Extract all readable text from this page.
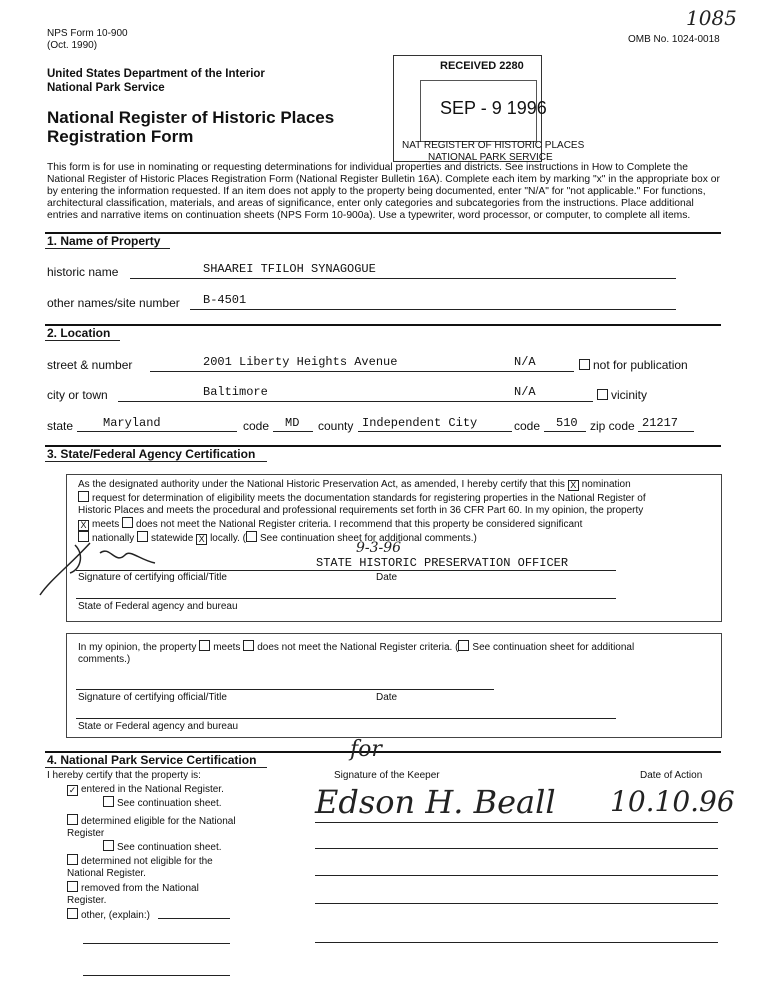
NPS Form 10-900
(Oct. 1990)
OMB No. 1024-0018
1085
United States Department of the Interior
National Park Service
National Register of Historic Places
Registration Form
RECEIVED 2280
SEP - 9 1996
NAT REGISTER OF HISTORIC PLACES
NATIONAL PARK SERVICE
This form is for use in nominating or requesting determinations for individual properties and districts. See instructions in How to Complete the
National Register of Historic Places Registration Form (National Register Bulletin 16A). Complete each item by marking "x" in the appropriate box or
by entering the information requested. If an item does not apply to the property being documented, enter "N/A" for "not applicable." For functions,
architectural classification, materials, and areas of significance, enter only categories and subcategories from the instructions. Place additional
entries and narrative items on continuation sheets (NPS Form 10-900a). Use a typewriter, word processor, or computer, to complete all items.
1. Name of Property
historic name	SHAAREI TFILOH SYNAGOGUE
other names/site number B-4501
2. Location
street & number	2001 Liberty Heights Avenue	N/A	not for publication
city or town	Baltimore	N/A	vicinity
state Maryland	code MD county Independent City	code 510 zip code 21217
3. State/Federal Agency Certification
As the designated authority under the National Historic Preservation Act, as amended, I hereby certify that this X nomination
request for determination of eligibility meets the documentation standards for registering properties in the National Register of
Historic Places and meets the procedural and professional requirements set forth in 36 CFR Part 60. In my opinion, the property
X meets does not meet the National Register criteria. I recommend that this property be considered significant
nationally statewide X locally. ( See continuation sheet for additional comments.)
9-3-96
STATE HISTORIC PRESERVATION OFFICER
Signature of certifying official/Title	Date
State of Federal agency and bureau
In my opinion, the property meets does not meet the National Register criteria. ( See continuation sheet for additional
comments.)
Signature of certifying official/Title	Date
State or Federal agency and bureau
4. National Park Service Certification
I hereby certify that the property is:	Signature of the Keeper	Date of Action
for
Edson H. Beall 10.10.96
✓ entered in the National Register.
See continuation sheet.
determined eligible for the National Register
See continuation sheet.
determined not eligible for the National Register.
removed from the National Register.
other, (explain:)
